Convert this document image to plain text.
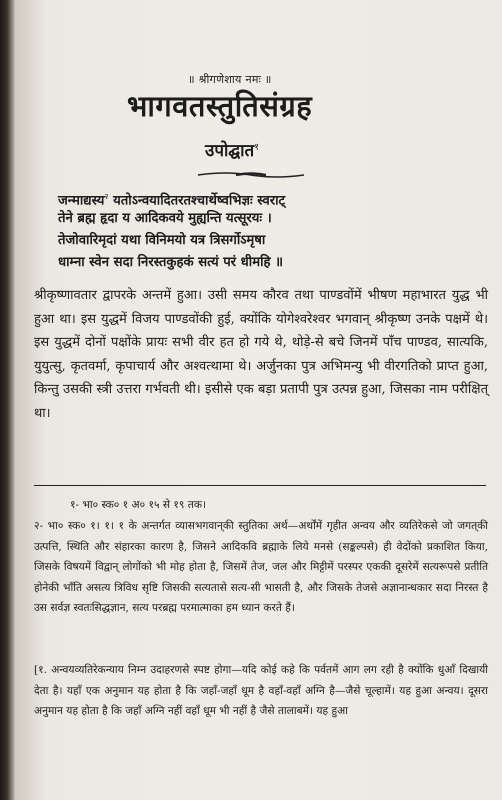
॥ श्रीगणेशाय नमः ॥
भागवतस्तुतिसंग्रह
उपोद्घात$^१$
जन्माद्यस्य$^२$ यतोऽन्वयादितरतश्चार्थेष्वभिज्ञः स्वराट्
तेने ब्रह्म हृदा य आदिकवये मुह्यन्ति यत्सूरयः ।
तेजोवारिमृदां यथा विनिमयो यत्र त्रिसर्गोऽमृषा
धाम्ना स्वेन सदा निरस्तकुहकं सत्यं परं धीमहि ॥
श्रीकृष्णावतार द्वापरके अन्तमें हुआ। उसी समय कौरव तथा पाण्डवोंमें भीषण महाभारत युद्ध भी हुआ था। इस युद्धमें विजय पाण्डवोंकी हुई, क्योंकि योगेश्वरेश्वर भगवान् श्रीकृष्ण उनके पक्षमें थे। इस युद्धमें दोनों पक्षोंके प्रायः सभी वीर हत हो गये थे, थोड़े-से बचे जिनमें पाँच पाण्डव, सात्यकि, युयुत्सु, कृतवर्मा, कृपाचार्य और अश्वत्थामा थे। अर्जुनका पुत्र अभिमन्यु भी वीरगतिको प्राप्त हुआ, किन्तु उसकी स्त्री उत्तरा गर्भवती थी। इसीसे एक बड़ा प्रतापी पुत्र उत्पन्न हुआ, जिसका नाम परीक्षित् था।
१- भा० स्क० १ अ० १५ से १९ तक।
२- भा० स्क० १। १। १ के अन्तर्गत व्यासभगवान्‌की स्तुतिका अर्थ—अर्थोंमें गृहीत अन्वय और व्यतिरेकसे जो जगत्‌की उत्पत्ति, स्थिति और संहारका कारण है, जिसने आदिकवि ब्रह्माके लिये मनसे (सङ्कल्पसे) ही वेदोंको प्रकाशित किया, जिसके विषयमें विद्वान् लोगोंको भी मोह होता है, जिसमें तेज, जल और मिट्टीमें परस्पर एककी दूसरेमें सत्यरूपसे प्रतीति होनेकी भाँति असत्य त्रिविध सृष्टि जिसकी सत्यतासे सत्य-सी भासती है, और जिसके तेजसे अज्ञानान्धकार सदा निरस्त है उस सर्वज्ञ स्वतःसिद्धज्ञान, सत्य परब्रह्म परमात्माका हम ध्यान करते हैं।
[१. अन्वयव्यतिरेकन्याय निम्न उदाहरणसे स्पष्ट होगा—यदि कोई कहे कि पर्वतमें आग लग रही है क्योंकि धुआँ दिखायी देता है। यहाँ एक अनुमान यह होता है कि जहाँ-जहाँ धूम है वहाँ-वहाँ अग्नि है—जैसे चूल्हामें। यह हुआ अन्वय। दूसरा अनुमान यह होता है कि जहाँ अग्नि नहीं वहाँ धूम भी नहीं है जैसे तालाबमें। यह हुआ
